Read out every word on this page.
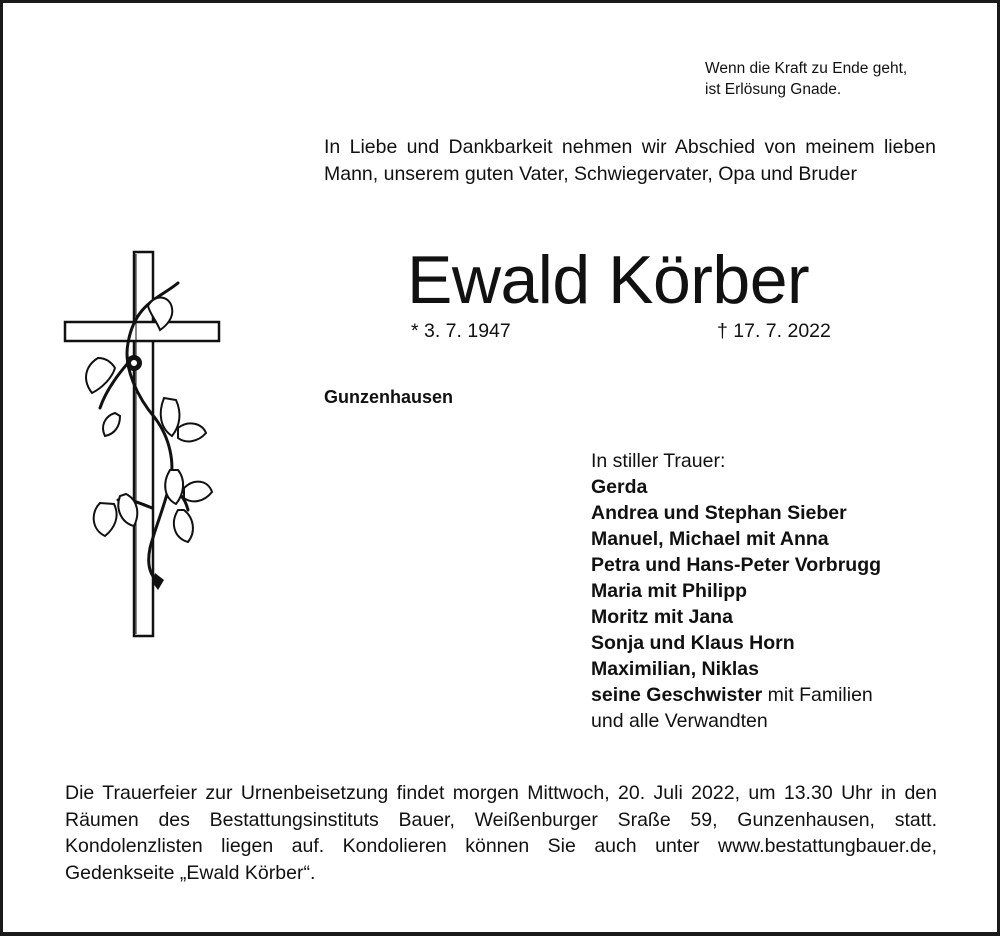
Wenn die Kraft zu Ende geht,
ist Erlösung Gnade.
In Liebe und Dankbarkeit nehmen wir Abschied von meinem lieben Mann, unserem guten Vater, Schwiegervater, Opa und Bruder
Ewald Körber
* 3. 7. 1947	† 17. 7. 2022
Gunzenhausen
In stiller Trauer:
Gerda
Andrea und Stephan Sieber
Manuel, Michael mit Anna
Petra und Hans-Peter Vorbrugg
Maria mit Philipp
Moritz mit Jana
Sonja und Klaus Horn
Maximilian, Niklas
seine Geschwister mit Familien
und alle Verwandten
Die Trauerfeier zur Urnenbeisetzung findet morgen Mittwoch, 20. Juli 2022, um 13.30 Uhr in den Räumen des Bestattungsinstituts Bauer, Weißenburger Sraße 59, Gunzenhausen, statt. Kondolenzlisten liegen auf. Kondolieren können Sie auch unter www.bestattungbauer.de, Gedenkseite „Ewald Körber“.
